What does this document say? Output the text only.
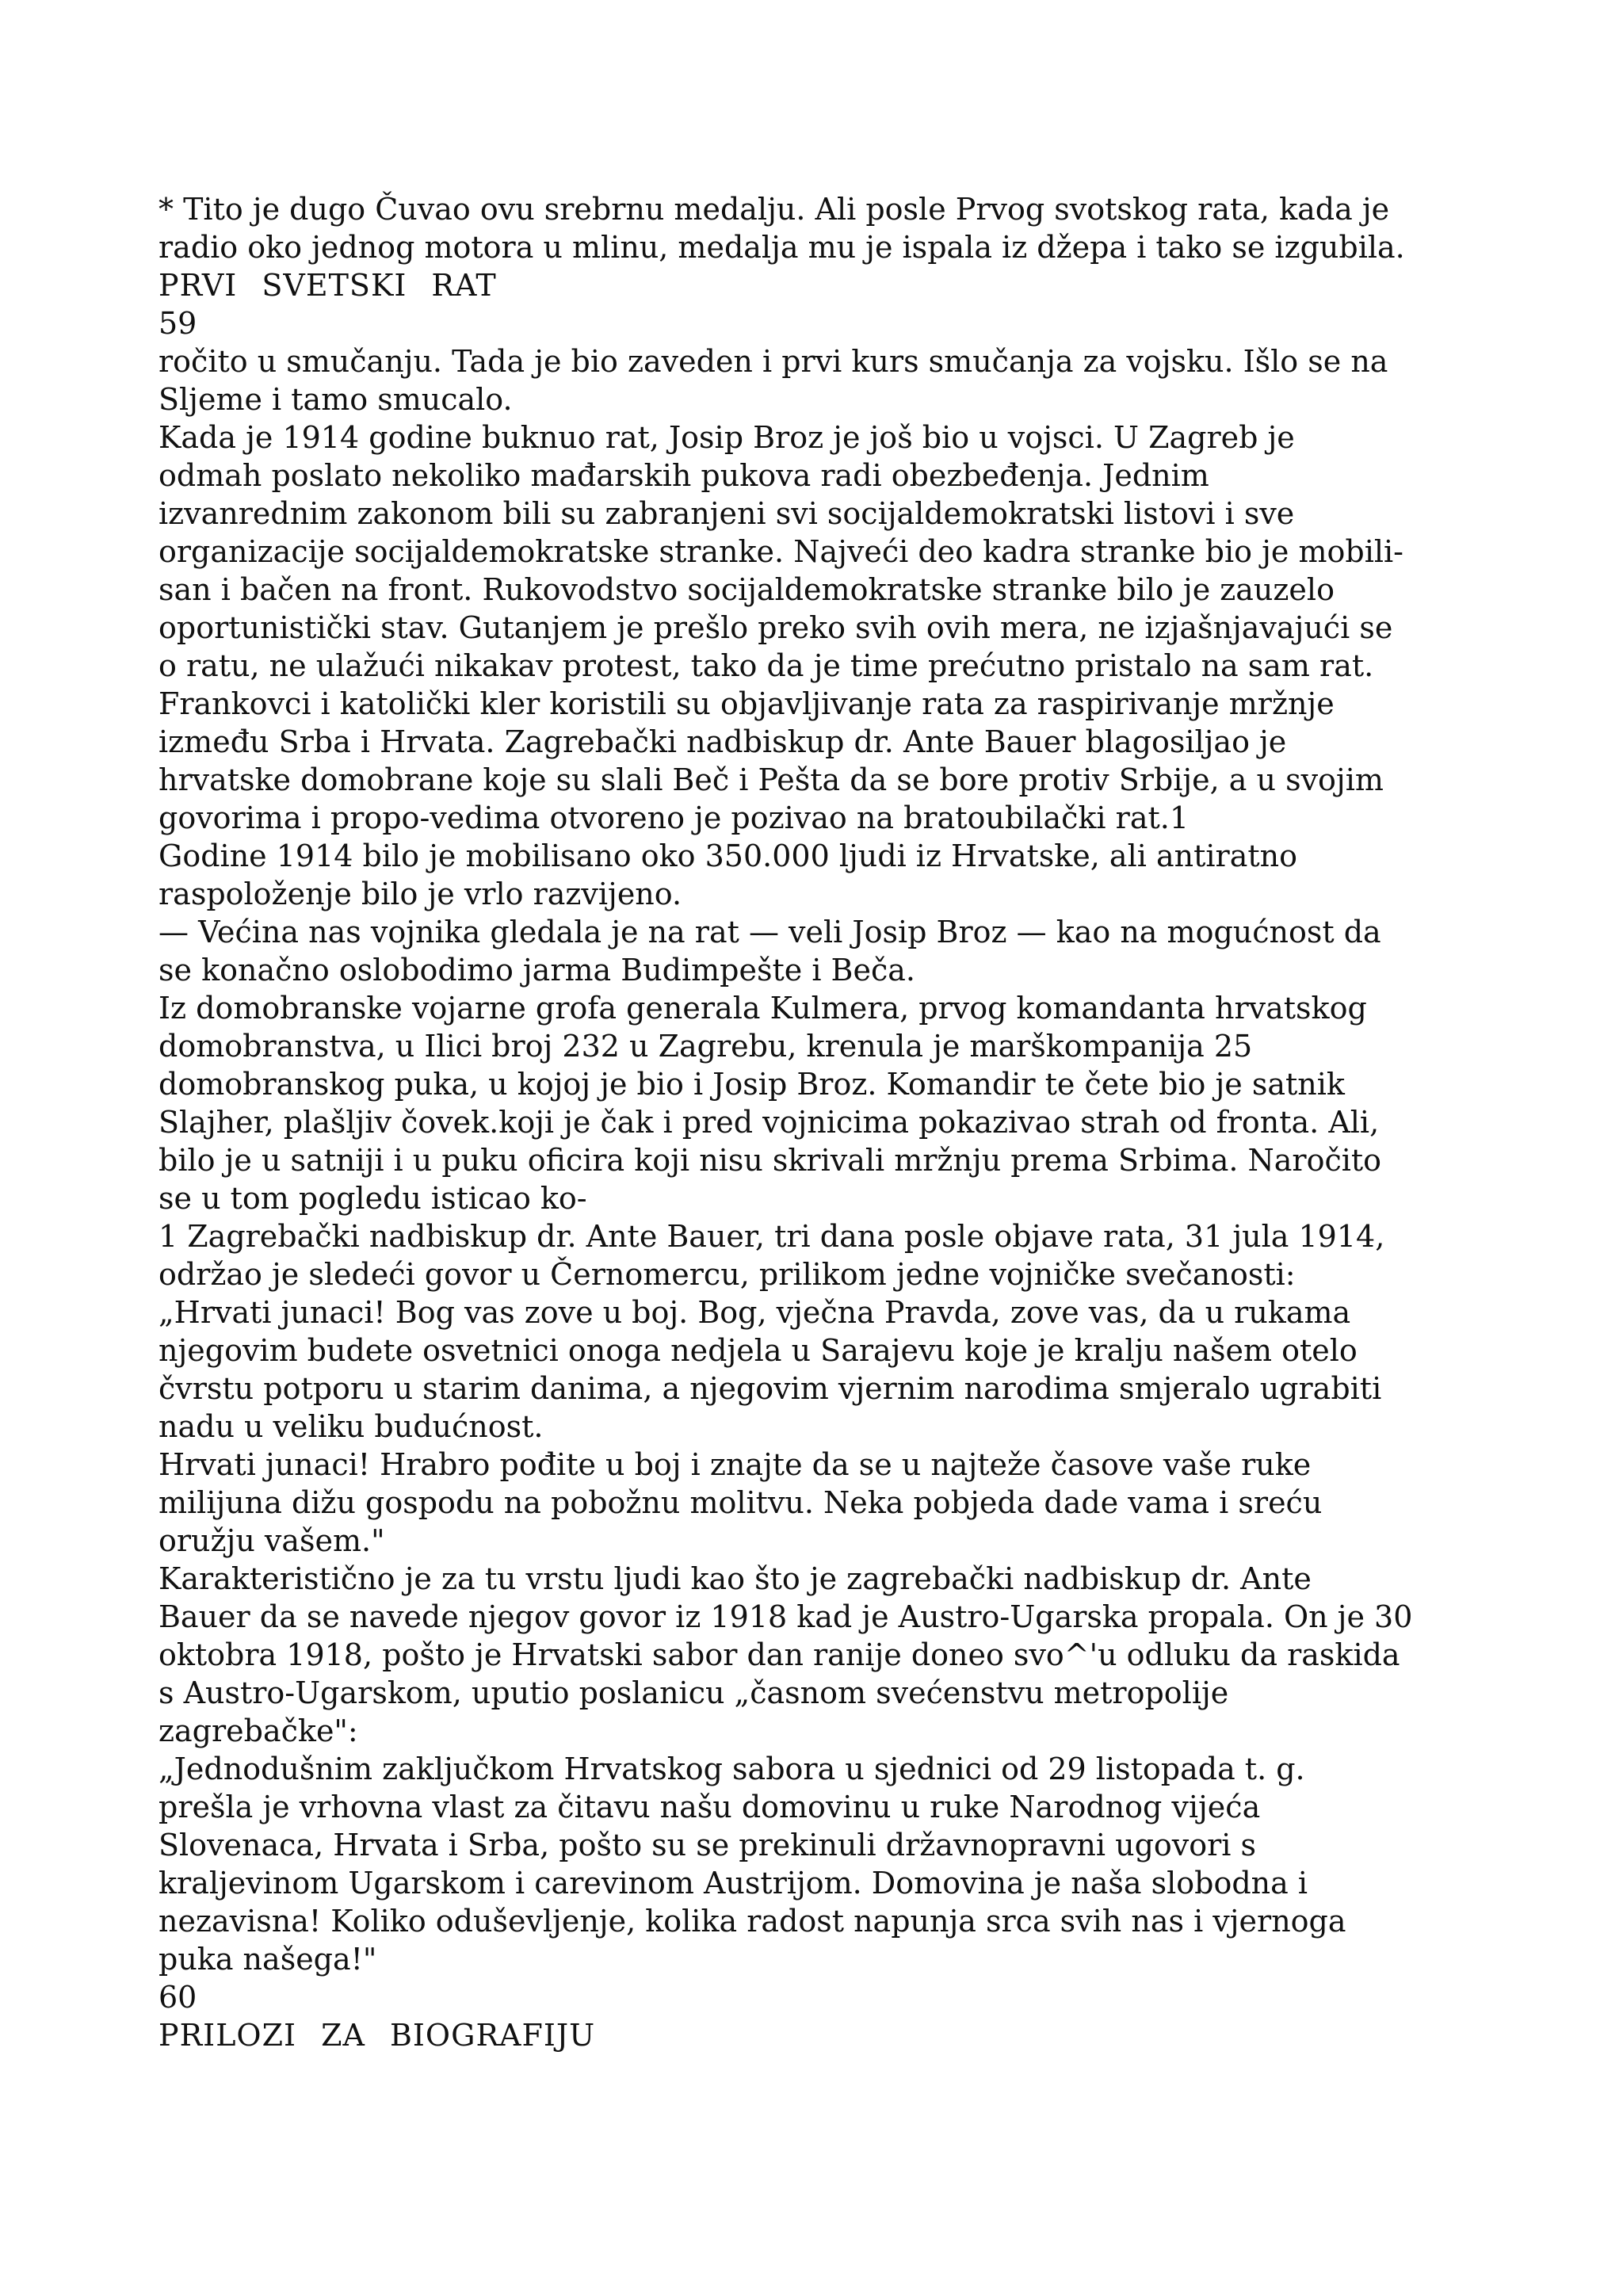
* Tito je dugo Čuvao ovu srebrnu medalju. Ali posle Prvog svotskog rata, kada je
radio oko jednog motora u mlinu, medalja mu je ispala iz džepa i tako se izgubila.
PRVI SVETSKI RAT
59
ročito u smučanju. Tada je bio zaveden i prvi kurs smučanja za vojsku. Išlo se na
Sljeme i tamo smucalo.
Kada je 1914 godine buknuo rat, Josip Broz je još bio u vojsci. U Zagreb je
odmah poslato nekoliko mađarskih pukova radi obezbeđenja. Jednim
izvanrednim zakonom bili su zabranjeni svi socijaldemokratski listovi i sve
organizacije socijaldemokratske stranke. Najveći deo kadra stranke bio je mobili-
san i bačen na front. Rukovodstvo socijaldemokratske stranke bilo je zauzelo
oportunistički stav. Gutanjem je prešlo preko svih ovih mera, ne izjašnjavajući se
o ratu, ne ulažući nikakav protest, tako da je time prećutno pristalo na sam rat.
Frankovci i katolički kler koristili su objavljivanje rata za raspirivanje mržnje
između Srba i Hrvata. Zagrebački nadbiskup dr. Ante Bauer blagosiljao je
hrvatske domobrane koje su slali Beč i Pešta da se bore protiv Srbije, a u svojim
govorima i propo-vedima otvoreno je pozivao na bratoubilački rat.1
Godine 1914 bilo je mobilisano oko 350.000 ljudi iz Hrvatske, ali antiratno
raspoloženje bilo je vrlo razvijeno.
— Većina nas vojnika gledala je na rat — veli Josip Broz — kao na mogućnost da
se konačno oslobodimo jarma Budimpešte i Beča.
Iz domobranske vojarne grofa generala Kulmera, prvog komandanta hrvatskog
domobranstva, u Ilici broj 232 u Zagrebu, krenula je marškompanija 25
domobranskog puka, u kojoj je bio i Josip Broz. Komandir te čete bio je satnik
Slajher, plašljiv čovek.koji je čak i pred vojnicima pokazivao strah od fronta. Ali,
bilo je u satniji i u puku oficira koji nisu skrivali mržnju prema Srbima. Naročito
se u tom pogledu isticao ko-
1 Zagrebački nadbiskup dr. Ante Bauer, tri dana posle objave rata, 31 jula 1914,
održao je sledeći govor u Černomercu, prilikom jedne vojničke svečanosti:
„Hrvati junaci! Bog vas zove u boj. Bog, vječna Pravda, zove vas, da u rukama
njegovim budete osvetnici onoga nedjela u Sarajevu koje je kralju našem otelo
čvrstu potporu u starim danima, a njegovim vjernim narodima smjeralo ugrabiti
nadu u veliku budućnost.
Hrvati junaci! Hrabro pođite u boj i znajte da se u najteže časove vaše ruke
milijuna dižu gospodu na pobožnu molitvu. Neka pobjeda dade vama i sreću
oružju vašem."
Karakteristično je za tu vrstu ljudi kao što je zagrebački nadbiskup dr. Ante
Bauer da se navede njegov govor iz 1918 kad je Austro-Ugarska propala. On je 30
oktobra 1918, pošto je Hrvatski sabor dan ranije doneo svo^'u odluku da raskida
s Austro-Ugarskom, uputio poslanicu „časnom svećenstvu metropolije
zagrebačke":
„Jednodušnim zaključkom Hrvatskog sabora u sjednici od 29 listopada t. g.
prešla je vrhovna vlast za čitavu našu domovinu u ruke Narodnog vijeća
Slovenaca, Hrvata i Srba, pošto su se prekinuli državnopravni ugovori s
kraljevinom Ugarskom i carevinom Austrijom. Domovina je naša slobodna i
nezavisna! Koliko oduševljenje, kolika radost napunja srca svih nas i vjernoga
puka našega!"
60
PRILOZI ZA BIOGRAFIJU
